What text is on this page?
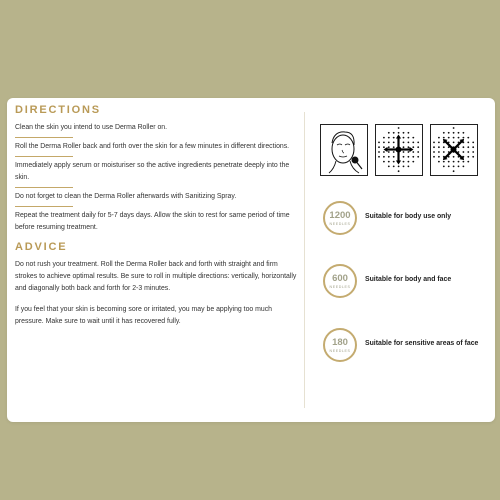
DIRECTIONS

Clean the skin you intend to use Derma Roller on.

Roll the Derma Roller back and forth over the skin for a few minutes in different directions.

Immediately apply serum or moisturiser so the active ingredients penetrate deeply into the skin.

Do not forget to clean the Derma Roller afterwards with Sanitizing Spray.

Repeat the treatment daily for 5-7 days days. Allow the skin to rest for same period of time before resuming treatment.

ADVICE

Do not rush your treatment. Roll the Derma Roller back and forth with straight and firm strokes to achieve optimal results. Be sure to roll in multiple directions: vertically, horizontally and diagonally both back and forth for 2-3 minutes.

If you feel that your skin is becoming sore or irritated, you may be applying too much pressure. Make sure to wait until it has recovered fully.

1200
NEEDLES
Suitable for body use only
600
NEEDLES
Suitable for body and face
180
NEEDLES
Suitable for sensitive areas of face
